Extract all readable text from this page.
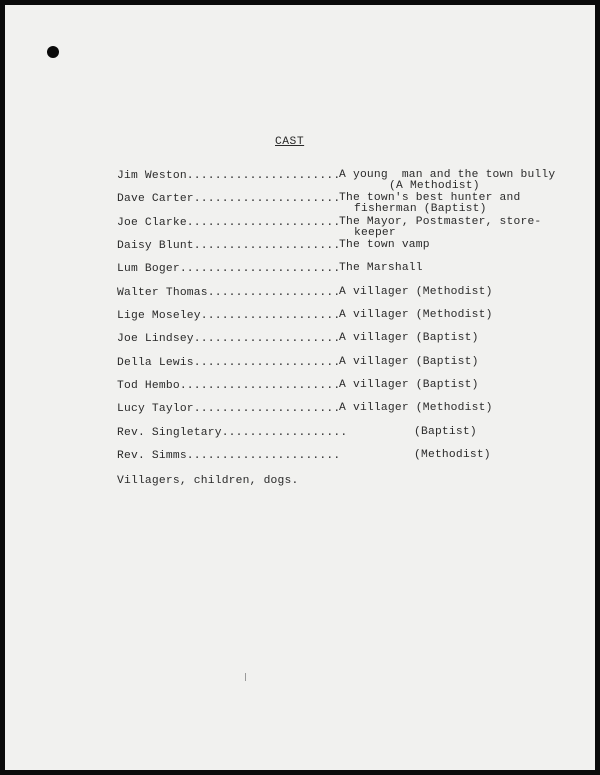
CAST

Jim Weston......................

A young  man and the town bully

(A Methodist)

Dave Carter.....................

The town's best hunter and

fisherman (Baptist)

Joe Clarke......................

The Mayor, Postmaster, store-

keeper

Daisy Blunt.....................

The town vamp

Lum Boger.......................

The Marshall

Walter Thomas...................

A villager (Methodist)

Lige Moseley....................

A villager (Methodist)

Joe Lindsey.....................

A villager (Baptist)

Della Lewis.....................

A villager (Baptist)

Tod Hembo.......................

A villager (Baptist)

Lucy Taylor.....................

A villager (Methodist)

Rev. Singletary..................

	(Baptist)

Rev. Simms......................

	(Methodist)

Villagers, children, dogs.
